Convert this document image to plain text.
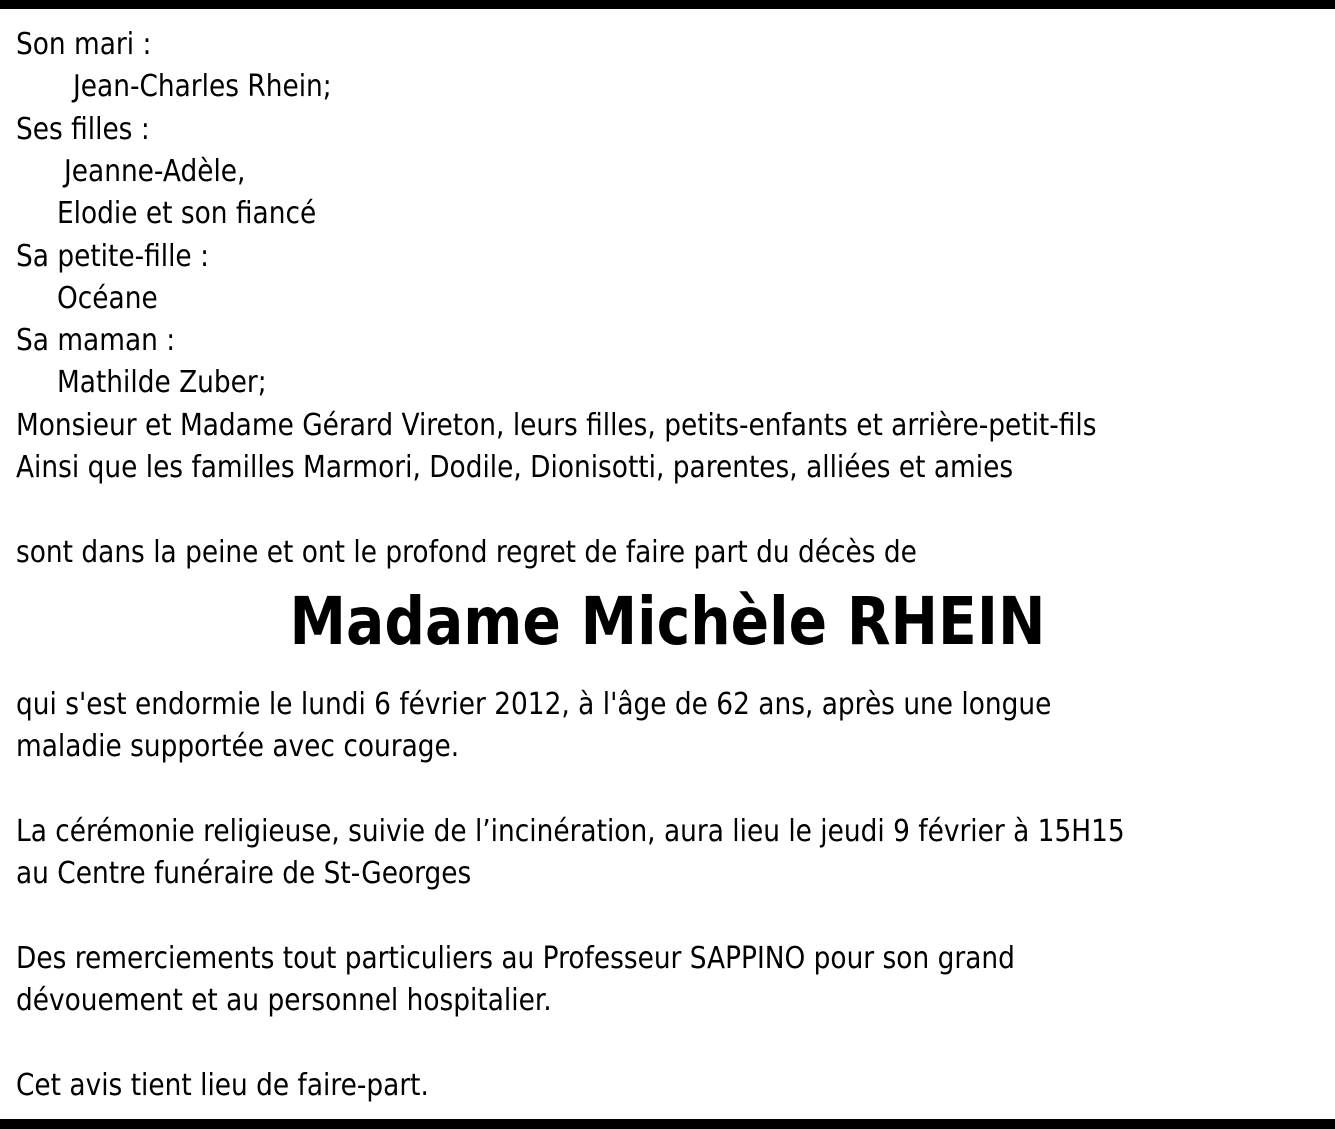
Son mari :
Jean-Charles Rhein;
Ses filles :
Jeanne-Adèle,
Elodie et son fiancé
Sa petite-fille :
Océane
Sa maman :
Mathilde Zuber;
Monsieur et Madame Gérard Vireton, leurs filles, petits-enfants et arrière-petit-fils
Ainsi que les familles Marmori, Dodile, Dionisotti, parentes, alliées et amies
sont dans la peine et ont le profond regret de faire part du décès de
Madame Michèle RHEIN
qui s'est endormie le lundi 6 février 2012, à l'âge de 62 ans, après une longue
maladie supportée avec courage.
La cérémonie religieuse, suivie de l’incinération, aura lieu le jeudi 9 février à 15H15
au Centre funéraire de St-Georges
Des remerciements tout particuliers au Professeur SAPPINO pour son grand
dévouement et au personnel hospitalier.
Cet avis tient lieu de faire-part.
